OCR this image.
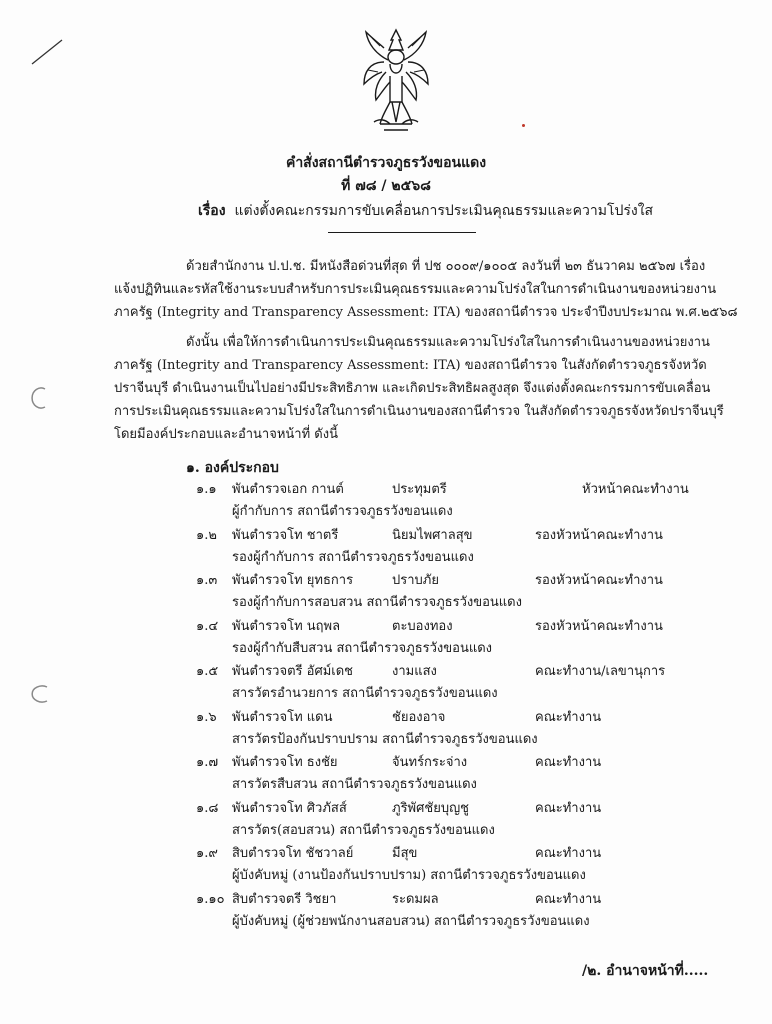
คำสั่งสถานีตำรวจภูธรวังขอนแดง
ที่ ๗๘ / ๒๕๖๘
เรื่อง แต่งตั้งคณะกรรมการขับเคลื่อนการประเมินคุณธรรมและความโปร่งใส
ด้วยสำนักงาน ป.ป.ช. มีหนังสือด่วนที่สุด ที่ ปช ๐๐๐๙/๑๐๐๕ ลงวันที่ ๒๓ ธันวาคม ๒๕๖๗ เรื่อง
แจ้งปฏิทินและรหัสใช้งานระบบสำหรับการประเมินคุณธรรมและความโปร่งใสในการดำเนินงานของหน่วยงาน
ภาครัฐ (Integrity and Transparency Assessment: ITA) ของสถานีตำรวจ ประจำปีงบประมาณ พ.ศ.๒๕๖๘
ดังนั้น เพื่อให้การดำเนินการประเมินคุณธรรมและความโปร่งใสในการดำเนินงานของหน่วยงาน
ภาครัฐ (Integrity and Transparency Assessment: ITA) ของสถานีตำรวจ ในสังกัดตำรวจภูธรจังหวัด
ปราจีนบุรี ดำเนินงานเป็นไปอย่างมีประสิทธิภาพ และเกิดประสิทธิผลสูงสุด จึงแต่งตั้งคณะกรรมการขับเคลื่อน
การประเมินคุณธรรมและความโปร่งใสในการดำเนินงานของสถานีตำรวจ ในสังกัดตำรวจภูธรจังหวัดปราจีนบุรี
โดยมีองค์ประกอบและอำนาจหน้าที่ ดังนี้
๑. องค์ประกอบ
๑.๑ พันตำรวจเอก กานต์	ประทุมตรี	หัวหน้าคณะทำงาน
ผู้กำกับการ สถานีตำรวจภูธรวังขอนแดง
๑.๒ พันตำรวจโท ชาตรี	นิยมไพศาลสุข	รองหัวหน้าคณะทำงาน
รองผู้กำกับการ สถานีตำรวจภูธรวังขอนแดง
๑.๓ พันตำรวจโท ยุทธการ	ปราบภัย	รองหัวหน้าคณะทำงาน
รองผู้กำกับการสอบสวน สถานีตำรวจภูธรวังขอนแดง
๑.๔ พันตำรวจโท นฤพล	ตะบองทอง	รองหัวหน้าคณะทำงาน
รองผู้กำกับสืบสวน สถานีตำรวจภูธรวังขอนแดง
๑.๕ พันตำรวจตรี อัศม์เดช	งามแสง	คณะทำงาน/เลขานุการ
สารวัตรอำนวยการ สถานีตำรวจภูธรวังขอนแดง
๑.๖ พันตำรวจโท แดน	ชัยองอาจ	คณะทำงาน
สารวัตรป้องกันปราบปราม สถานีตำรวจภูธรวังขอนแดง
๑.๗ พันตำรวจโท ธงชัย	จันทร์กระจ่าง	คณะทำงาน
สารวัตรสืบสวน สถานีตำรวจภูธรวังขอนแดง
๑.๘ พันตำรวจโท ศิวภัสส์	ภูริพัศชัยบุญชู	คณะทำงาน
สารวัตร(สอบสวน) สถานีตำรวจภูธรวังขอนแดง
๑.๙ สิบตำรวจโท ชัชวาลย์	มีสุข	คณะทำงาน
ผู้บังคับหมู่ (งานป้องกันปราบปราม) สถานีตำรวจภูธรวังขอนแดง
๑.๑๐ สิบตำรวจตรี วิชยา	ระดมผล	คณะทำงาน
ผู้บังคับหมู่ (ผู้ช่วยพนักงานสอบสวน) สถานีตำรวจภูธรวังขอนแดง
/๒. อำนาจหน้าที่.....
